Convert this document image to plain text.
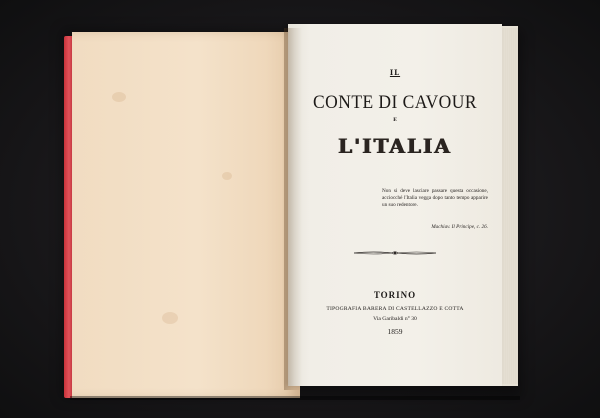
IL
CONTE DI CAVOUR
E
L'ITALIA
Non si deve lasciare passare questa occasione, acciocché l'Italia vegga dopo tanto tempo apparire un suo redentore.
Machiav. Il Principe, c. 26.
TORINO
TIPOGRAFIA BARERA DI CASTELLAZZO E COTTA
Via Garibaldi n° 30
1859
